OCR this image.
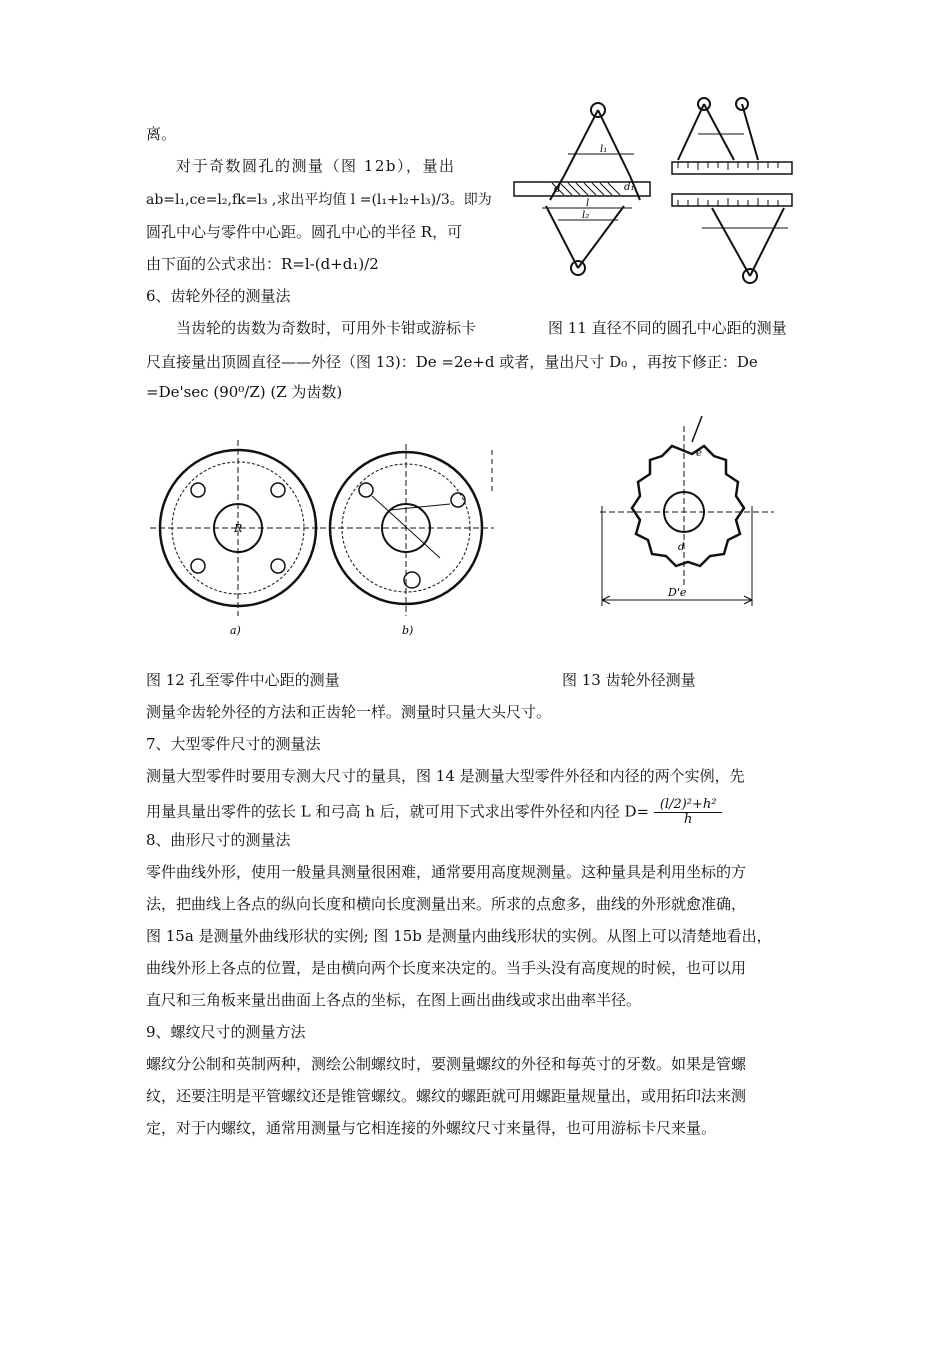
离。
对于奇数圆孔的测量（图 12b），量出
ab=l₁,ce=l₂,fk=l₃ ,求出平均值 l =(l₁+l₂+l₃)/3。即为
圆孔中心与零件中心距。圆孔中心的半径 R，可
由下面的公式求出：R=l-(d+d₁)/2
6、齿轮外径的测量法
当齿轮的齿数为奇数时，可用外卡钳或游标卡	图 11 直径不同的圆孔中心距的测量
尺直接量出顶圆直径——外径（图 13)：De =2e+d 或者，量出尺寸 D₀ ，再按下修正：De
=De'sec (90⁰/Z) (Z 为齿数)
l₁
l
l₂
d	d₁
R
a)	b)
D'e
e
d
图 12 孔至零件中心距的测量	图 13 齿轮外径测量
测量伞齿轮外径的方法和正齿轮一样。测量时只量大头尺寸。
7、大型零件尺寸的测量法
测量大型零件时要用专测大尺寸的量具，图 14 是测量大型零件外径和内径的两个实例，先
用量具量出零件的弦长 L 和弓高 h 后，就可用下式求出零件外径和内径 $D= \frac{\text{(l/2)²+h²}}{h}$
8、曲形尺寸的测量法
零件曲线外形，使用一般量具测量很困难，通常要用高度规测量。这种量具是利用坐标的方
法，把曲线上各点的纵向长度和横向长度测量出来。所求的点愈多，曲线的外形就愈准确，
图 15a 是测量外曲线形状的实例; 图 15b 是测量内曲线形状的实例。从图上可以清楚地看出，
曲线外形上各点的位置，是由横向两个长度来决定的。当手头没有高度规的时候，也可以用
直尺和三角板来量出曲面上各点的坐标，在图上画出曲线或求出曲率半径。
9、螺纹尺寸的测量方法
螺纹分公制和英制两种，测绘公制螺纹时，要测量螺纹的外径和每英寸的牙数。如果是管螺
纹，还要注明是平管螺纹还是锥管螺纹。螺纹的螺距就可用螺距量规量出，或用拓印法来测
定，对于内螺纹，通常用测量与它相连接的外螺纹尺寸来量得，也可用游标卡尺来量。
